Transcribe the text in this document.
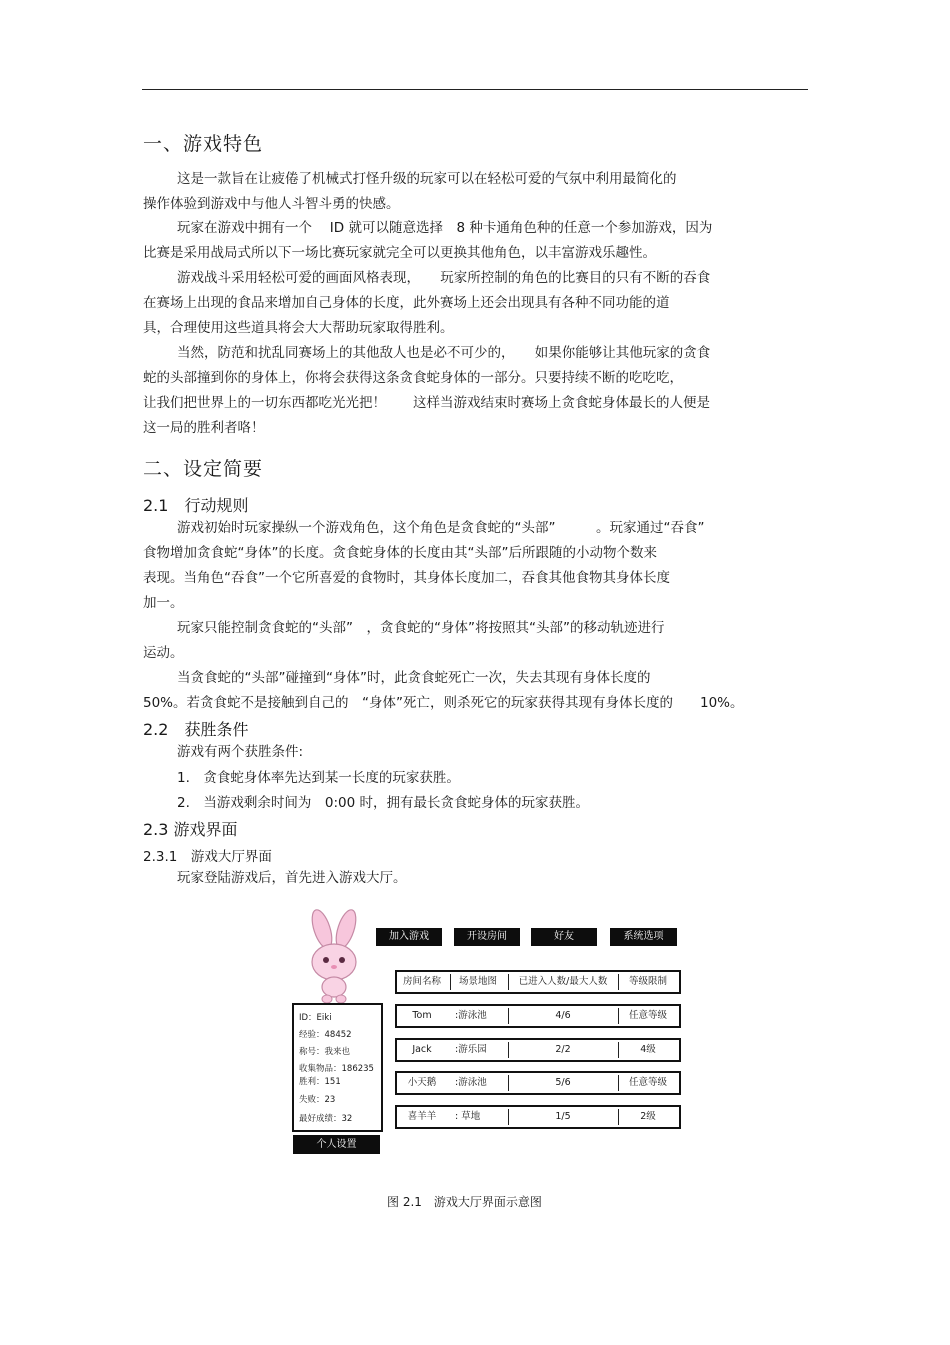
一、游戏特色
这是一款旨在让疲倦了机械式打怪升级的玩家可以在轻松可爱的气氛中利用最简化的
操作体验到游戏中与他人斗智斗勇的快感。
玩家在游戏中拥有一个　 ID 就可以随意选择　8 种卡通角色种的任意一个参加游戏，因为
比赛是采用战局式所以下一场比赛玩家就完全可以更换其他角色，以丰富游戏乐趣性。
游戏战斗采用轻松可爱的画面风格表现，　　玩家所控制的角色的比赛目的只有不断的吞食
在赛场上出现的食品来增加自己身体的长度，此外赛场上还会出现具有各种不同功能的道
具，合理使用这些道具将会大大帮助玩家取得胜利。
当然，防范和扰乱同赛场上的其他敌人也是必不可少的，　　如果你能够让其他玩家的贪食
蛇的头部撞到你的身体上，你将会获得这条贪食蛇身体的一部分。只要持续不断的吃吃吃，
让我们把世界上的一切东西都吃光光把！　　这样当游戏结束时赛场上贪食蛇身体最长的人便是
这一局的胜利者咯！
二、设定简要
2.1　行动规则
游戏初始时玩家操纵一个游戏角色，这个角色是贪食蛇的“头部”　　　。玩家通过“吞食”
食物增加贪食蛇“身体”的长度。贪食蛇身体的长度由其“头部”后所跟随的小动物个数来
表现。当角色“吞食”一个它所喜爱的食物时，其身体长度加二，吞食其他食物其身体长度
加一。
玩家只能控制贪食蛇的“头部”　，贪食蛇的“身体”将按照其“头部”的移动轨迹进行
运动。
当贪食蛇的“头部”碰撞到“身体”时，此贪食蛇死亡一次，失去其现有身体长度的
50%。若贪食蛇不是接触到自己的　“身体”死亡，则杀死它的玩家获得其现有身体长度的　　10%。
2.2　获胜条件
游戏有两个获胜条件:
1.　贪食蛇身体率先达到某一长度的玩家获胜。
2.　当游戏剩余时间为　0:00 时，拥有最长贪食蛇身体的玩家获胜。
2.3 游戏界面
2.3.1　游戏大厅界面
玩家登陆游戏后，首先进入游戏大厅。
加入游戏	开设房间	好友	系统选项
房间名称	场景地图	已进入人数/最大人数	等级限制
Tom	:游泳池	4/6	任意等级
Jack	:游乐园	2/2	4级
小天鹅	:游泳池	5/6	任意等级
喜羊羊	: 草地	1/5	2级
ID：Eiki
经验：48452
称号：我来也
收集物品：186235
胜利：151
失败：23
最好成绩：32
个人设置
图 2.1　游戏大厅界面示意图
